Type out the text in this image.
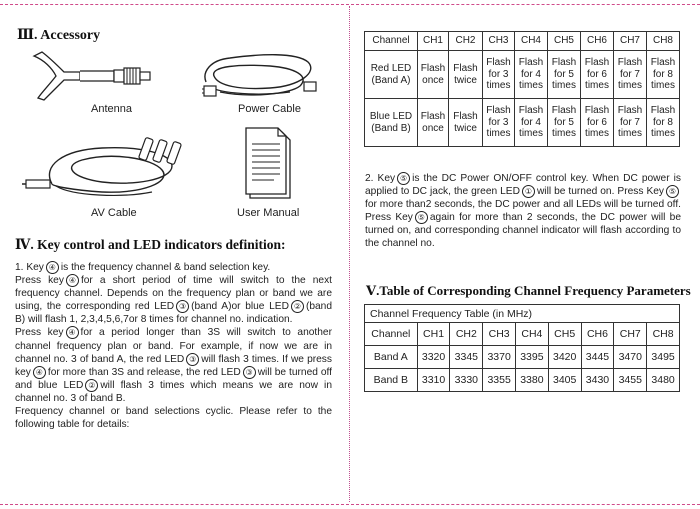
Ⅲ. Accessory
Antenna	Power Cable
AV Cable	User Manual
Ⅳ. Key control and LED indicators definition:

1. Key ④ is the frequency channel & band selection key.

Press key ④ for a short period of time will switch to the next frequency channel. Depends on the frequency plan or band we are using, the corresponding red LED ③ (band A)or blue LED ② (band B) will flash 1, 2,3,4,5,6,7or 8 times for channel no. indication.

Press key ④ for a period longer than 3S will switch to another channel frequency plan or band. For example, if now we are in channel no. 3 of band A, the red LED ③ will flash 3 times. If we press key ④ for more than 3S and release, the red LED ③ will be turned off and blue LED ② will flash 3 times which means we are now in channel no. 3 of band B.

Frequency channel or band selections cyclic. Please refer to the following table for details:

Channel	CH1	CH2	CH3	CH4	CH5	CH6	CH7	CH8
Red LED
(Band A)	Flash
once	Flash
twice	Flash
for 3
times	Flash
for 4
times	Flash
for 5
times	Flash
for 6
times	Flash
for 7
times	Flash
for 8
times
Blue LED
(Band B)	Flash
once	Flash
twice	Flash
for 3
times	Flash
for 4
times	Flash
for 5
times	Flash
for 6
times	Flash
for 7
times	Flash
for 8
times

2. Key ⑤ is the DC Power ON/OFF control key. When DC power is applied to DC jack, the green LED ① will be turned on. Press Key ⑤for more than2 seconds, the DC power and all LEDs will be turned off. Press Key ⑤ again for more than 2 seconds, the DC power will be turned on, and corresponding channel indicator will flash according to the channel no.

Ⅴ.Table of Corresponding Channel Frequency Parameters
Channel Frequency Table (in MHz)								
Channel	CH1	CH2	CH3	CH4	CH5	CH6	CH7	CH8
Band A	3320	3345	3370	3395	3420	3445	3470	3495
Band B	3310	3330	3355	3380	3405	3430	3455	3480
